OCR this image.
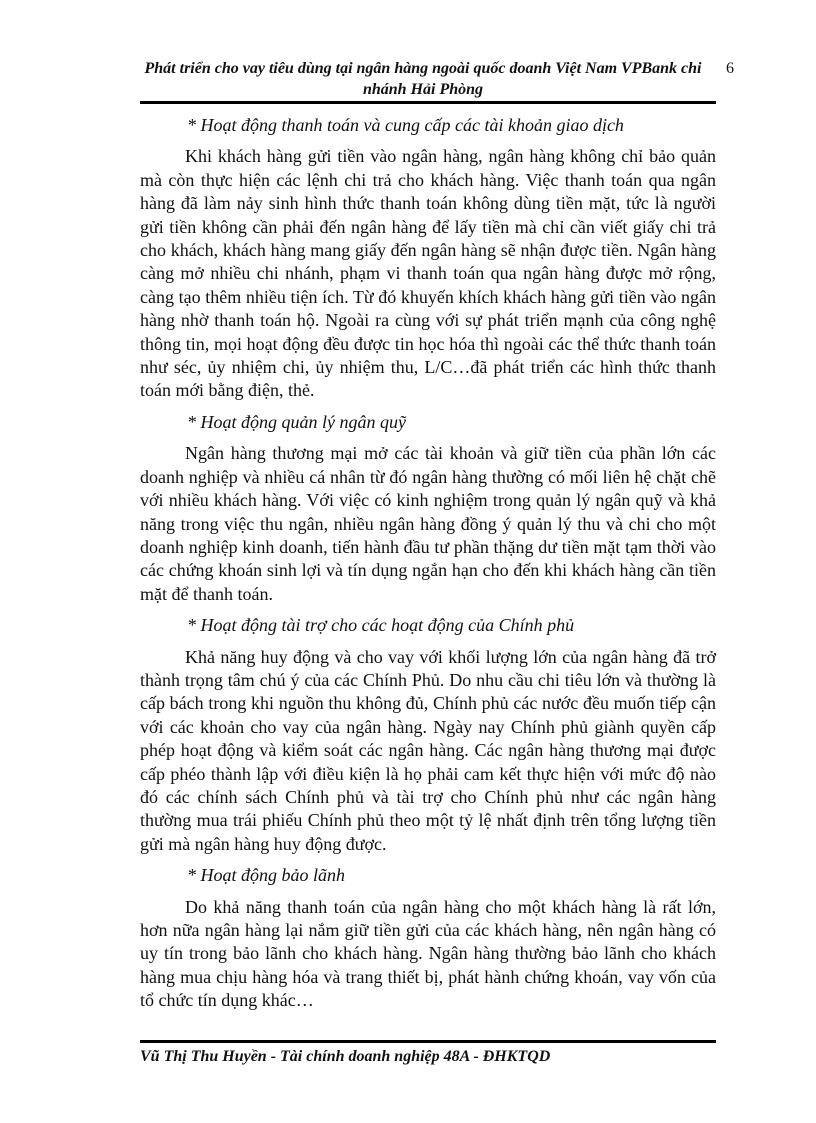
Phát triển cho vay tiêu dùng tại ngân hàng ngoài quốc doanh Việt Nam VPBank chi nhánh Hải Phòng
6

* Hoạt động thanh toán và cung cấp các tài khoản giao dịch

Khi khách hàng gửi tiền vào ngân hàng, ngân hàng không chỉ bảo quản mà còn thực hiện các lệnh chi trả cho khách hàng. Việc thanh toán qua ngân hàng đã làm nảy sinh hình thức thanh toán không dùng tiền mặt, tức là người gửi tiền không cần phải đến ngân hàng để lấy tiền mà chỉ cần viết giấy chi trả cho khách, khách hàng mang giấy đến ngân hàng sẽ nhận được tiền. Ngân hàng càng mở nhiều chi nhánh, phạm vi thanh toán qua ngân hàng được mở rộng, càng tạo thêm nhiều tiện ích. Từ đó khuyến khích khách hàng gửi tiền vào ngân hàng nhờ thanh toán hộ. Ngoài ra cùng với sự phát triển mạnh của công nghệ thông tin, mọi hoạt động đều được tin học hóa thì ngoài các thể thức thanh toán như séc, ủy nhiệm chi, ủy nhiệm thu, L/C…đã phát triển các hình thức thanh toán mới bằng điện, thẻ.

* Hoạt động quản lý ngân quỹ

Ngân hàng thương mại mở các tài khoản và giữ tiền của phần lớn các doanh nghiệp và nhiều cá nhân từ đó ngân hàng thường có mối liên hệ chặt chẽ với nhiều khách hàng. Với việc có kinh nghiệm trong quản lý ngân quỹ và khả năng trong việc thu ngân, nhiều ngân hàng đồng ý quản lý thu và chi cho một doanh nghiệp kinh doanh, tiến hành đầu tư phần thặng dư tiền mặt tạm thời vào các chứng khoán sinh lợi và tín dụng ngắn hạn cho đến khi khách hàng cần tiền mặt để thanh toán.

* Hoạt động tài trợ cho các hoạt động của Chính phủ

Khả năng huy động và cho vay với khối lượng lớn của ngân hàng đã trở thành trọng tâm chú ý của các Chính Phủ. Do nhu cầu chi tiêu lớn và thường là cấp bách trong khi nguồn thu không đủ, Chính phủ các nước đều muốn tiếp cận với các khoản cho vay của ngân hàng. Ngày nay Chính phủ giành quyền cấp phép hoạt động và kiểm soát các ngân hàng. Các ngân hàng thương mại được cấp phéo thành lập với điều kiện là họ phải cam kết thực hiện với mức độ nào đó các chính sách Chính phủ và tài trợ cho Chính phủ như các ngân hàng thường mua trái phiếu Chính phủ theo một tỷ lệ nhất định trên tổng lượng tiền gửi mà ngân hàng huy động được.

* Hoạt động bảo lãnh

Do khả năng thanh toán của ngân hàng cho một khách hàng là rất lớn, hơn nữa ngân hàng lại nắm giữ tiền gửi của các khách hàng, nên ngân hàng có uy tín trong bảo lãnh cho khách hàng. Ngân hàng thường bảo lãnh cho khách hàng mua chịu hàng hóa và trang thiết bị, phát hành chứng khoán, vay vốn của tổ chức tín dụng khác…

Vũ Thị Thu Huyền - Tài chính doanh nghiệp 48A - ĐHKTQD
